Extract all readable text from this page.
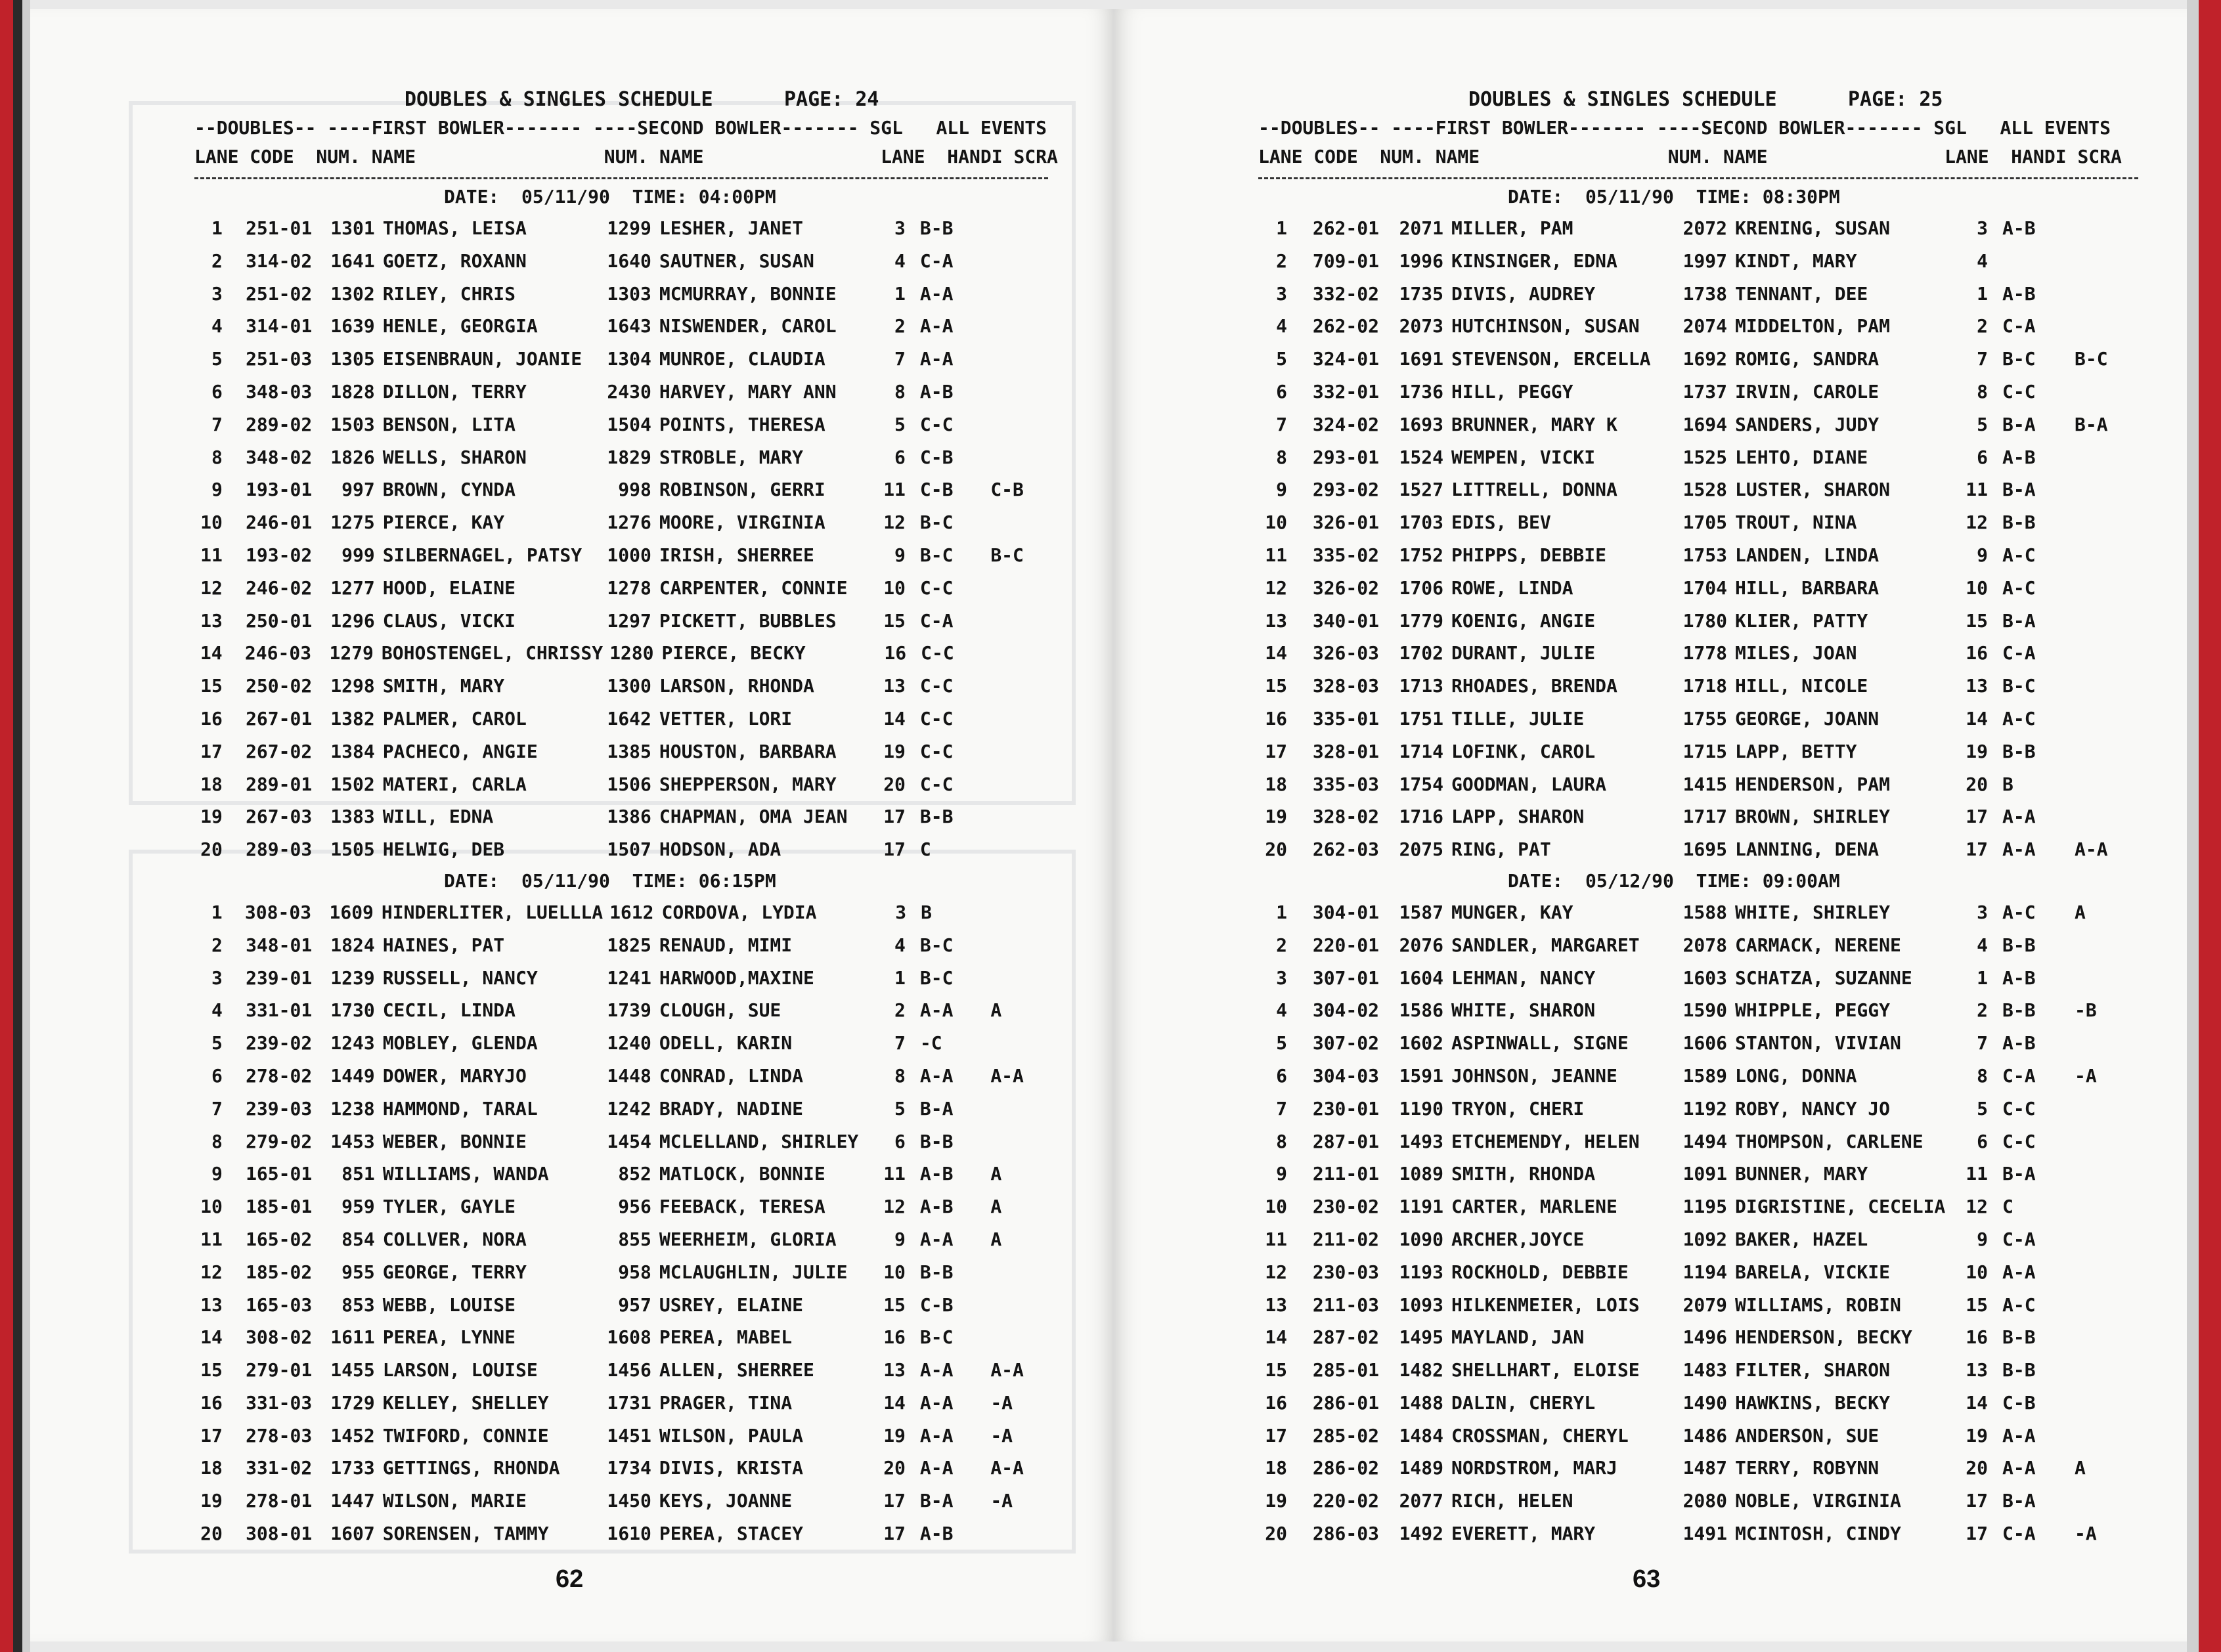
DOUBLES & SINGLES SCHEDULE      PAGE: 24
--DOUBLES-- ----FIRST BOWLER------- ----SECOND BOWLER------- SGL   ALL EVENTS
LANE CODE  NUM. NAME                 NUM. NAME                LANE  HANDI SCRA
DATE:  05/11/90  TIME: 04:00PM
1	251-01	1301 THOMAS, LEISA	1299 LESHER, JANET	3 B-B
2	314-02	1641 GOETZ, ROXANN	1640 SAUTNER, SUSAN	4 C-A
3	251-02	1302 RILEY, CHRIS	1303 MCMURRAY, BONNIE	1 A-A
4	314-01	1639 HENLE, GEORGIA	1643 NISWENDER, CAROL	2 A-A
5	251-03	1305 EISENBRAUN, JOANIE	1304 MUNROE, CLAUDIA	7 A-A
6	348-03	1828 DILLON, TERRY	2430 HARVEY, MARY ANN	8 A-B
7	289-02	1503 BENSON, LITA	1504 POINTS, THERESA	5 C-C
8	348-02	1826 WELLS, SHARON	1829 STROBLE, MARY	6 C-B
9	193-01	997 BROWN, CYNDA	998 ROBINSON, GERRI	11 C-B	C-B
10	246-01	1275 PIERCE, KAY	1276 MOORE, VIRGINIA	12 B-C
11	193-02	999 SILBERNAGEL, PATSY	1000 IRISH, SHERREE	9 B-C	B-C
12	246-02	1277 HOOD, ELAINE	1278 CARPENTER, CONNIE	10 C-C
13	250-01	1296 CLAUS, VICKI	1297 PICKETT, BUBBLES	15 C-A
14	246-03 1279 BOHOSTENGEL, CHRISSY 1280 PIERCE, BECKY	16 C-C
15	250-02	1298 SMITH, MARY	1300 LARSON, RHONDA	13 C-C
16	267-01	1382 PALMER, CAROL	1642 VETTER, LORI	14 C-C
17	267-02	1384 PACHECO, ANGIE	1385 HOUSTON, BARBARA	19 C-C
18	289-01	1502 MATERI, CARLA	1506 SHEPPERSON, MARY	20 C-C
19	267-03	1383 WILL, EDNA	1386 CHAPMAN, OMA JEAN	17 B-B
20	289-03	1505 HELWIG, DEB	1507 HODSON, ADA	17 C
DATE:  05/11/90  TIME: 06:15PM
1	308-03 1609 HINDERLITER, LUELLLA 1612 CORDOVA, LYDIA	3 B
2	348-01	1824 HAINES, PAT	1825 RENAUD, MIMI	4 B-C
3	239-01	1239 RUSSELL, NANCY	1241 HARWOOD,MAXINE	1 B-C
4	331-01	1730 CECIL, LINDA	1739 CLOUGH, SUE	2 A-A	A
5	239-02	1243 MOBLEY, GLENDA	1240 ODELL, KARIN	7 -C
6	278-02	1449 DOWER, MARYJO	1448 CONRAD, LINDA	8 A-A	A-A
7	239-03	1238 HAMMOND, TARAL	1242 BRADY, NADINE	5 B-A
8	279-02	1453 WEBER, BONNIE	1454 MCLELLAND, SHIRLEY	6 B-B
9	165-01	851 WILLIAMS, WANDA	852 MATLOCK, BONNIE	11 A-B	A
10	185-01	959 TYLER, GAYLE	956 FEEBACK, TERESA	12 A-B	A
11	165-02	854 COLLVER, NORA	855 WEERHEIM, GLORIA	9 A-A	A
12	185-02	955 GEORGE, TERRY	958 MCLAUGHLIN, JULIE	10 B-B
13	165-03	853 WEBB, LOUISE	957 USREY, ELAINE	15 C-B
14	308-02	1611 PEREA, LYNNE	1608 PEREA, MABEL	16 B-C
15	279-01	1455 LARSON, LOUISE	1456 ALLEN, SHERREE	13 A-A	A-A
16	331-03	1729 KELLEY, SHELLEY	1731 PRAGER, TINA	14 A-A	-A
17	278-03	1452 TWIFORD, CONNIE	1451 WILSON, PAULA	19 A-A	-A
18	331-02	1733 GETTINGS, RHONDA	1734 DIVIS, KRISTA	20 A-A	A-A
19	278-01	1447 WILSON, MARIE	1450 KEYS, JOANNE	17 B-A	-A
20	308-01	1607 SORENSEN, TAMMY	1610 PEREA, STACEY	17 A-B
62
DOUBLES & SINGLES SCHEDULE      PAGE: 25
--DOUBLES-- ----FIRST BOWLER------- ----SECOND BOWLER------- SGL   ALL EVENTS
LANE CODE  NUM. NAME                 NUM. NAME                LANE  HANDI SCRA
DATE:  05/11/90  TIME: 08:30PM
1	262-01	2071 MILLER, PAM	2072 KRENING, SUSAN	3 A-B
2	709-01	1996 KINSINGER, EDNA	1997 KINDT, MARY	4
3	332-02	1735 DIVIS, AUDREY	1738 TENNANT, DEE	1 A-B
4	262-02	2073 HUTCHINSON, SUSAN	2074 MIDDELTON, PAM	2 C-A
5	324-01	1691 STEVENSON, ERCELLA	1692 ROMIG, SANDRA	7 B-C	B-C
6	332-01	1736 HILL, PEGGY	1737 IRVIN, CAROLE	8 C-C
7	324-02	1693 BRUNNER, MARY K	1694 SANDERS, JUDY	5 B-A	B-A
8	293-01	1524 WEMPEN, VICKI	1525 LEHTO, DIANE	6 A-B
9	293-02	1527 LITTRELL, DONNA	1528 LUSTER, SHARON	11 B-A
10	326-01	1703 EDIS, BEV	1705 TROUT, NINA	12 B-B
11	335-02	1752 PHIPPS, DEBBIE	1753 LANDEN, LINDA	9 A-C
12	326-02	1706 ROWE, LINDA	1704 HILL, BARBARA	10 A-C
13	340-01	1779 KOENIG, ANGIE	1780 KLIER, PATTY	15 B-A
14	326-03	1702 DURANT, JULIE	1778 MILES, JOAN	16 C-A
15	328-03	1713 RHOADES, BRENDA	1718 HILL, NICOLE	13 B-C
16	335-01	1751 TILLE, JULIE	1755 GEORGE, JOANN	14 A-C
17	328-01	1714 LOFINK, CAROL	1715 LAPP, BETTY	19 B-B
18	335-03	1754 GOODMAN, LAURA	1415 HENDERSON, PAM	20 B
19	328-02	1716 LAPP, SHARON	1717 BROWN, SHIRLEY	17 A-A
20	262-03	2075 RING, PAT	1695 LANNING, DENA	17 A-A	A-A
DATE:  05/12/90  TIME: 09:00AM
1	304-01	1587 MUNGER, KAY	1588 WHITE, SHIRLEY	3 A-C	A
2	220-01	2076 SANDLER, MARGARET	2078 CARMACK, NERENE	4 B-B
3	307-01	1604 LEHMAN, NANCY	1603 SCHATZA, SUZANNE	1 A-B
4	304-02	1586 WHITE, SHARON	1590 WHIPPLE, PEGGY	2 B-B	-B
5	307-02	1602 ASPINWALL, SIGNE	1606 STANTON, VIVIAN	7 A-B
6	304-03	1591 JOHNSON, JEANNE	1589 LONG, DONNA	8 C-A	-A
7	230-01	1190 TRYON, CHERI	1192 ROBY, NANCY JO	5 C-C
8	287-01	1493 ETCHEMENDY, HELEN	1494 THOMPSON, CARLENE	6 C-C
9	211-01	1089 SMITH, RHONDA	1091 BUNNER, MARY	11 B-A
10	230-02	1191 CARTER, MARLENE	1195 DIGRISTINE, CECELIA	12 C
11	211-02	1090 ARCHER,JOYCE	1092 BAKER, HAZEL	9 C-A
12	230-03	1193 ROCKHOLD, DEBBIE	1194 BARELA, VICKIE	10 A-A
13	211-03	1093 HILKENMEIER, LOIS	2079 WILLIAMS, ROBIN	15 A-C
14	287-02	1495 MAYLAND, JAN	1496 HENDERSON, BECKY	16 B-B
15	285-01	1482 SHELLHART, ELOISE	1483 FILTER, SHARON	13 B-B
16	286-01	1488 DALIN, CHERYL	1490 HAWKINS, BECKY	14 C-B
17	285-02	1484 CROSSMAN, CHERYL	1486 ANDERSON, SUE	19 A-A
18	286-02	1489 NORDSTROM, MARJ	1487 TERRY, ROBYNN	20 A-A	A
19	220-02	2077 RICH, HELEN	2080 NOBLE, VIRGINIA	17 B-A
20	286-03	1492 EVERETT, MARY	1491 MCINTOSH, CINDY	17 C-A	-A
63
